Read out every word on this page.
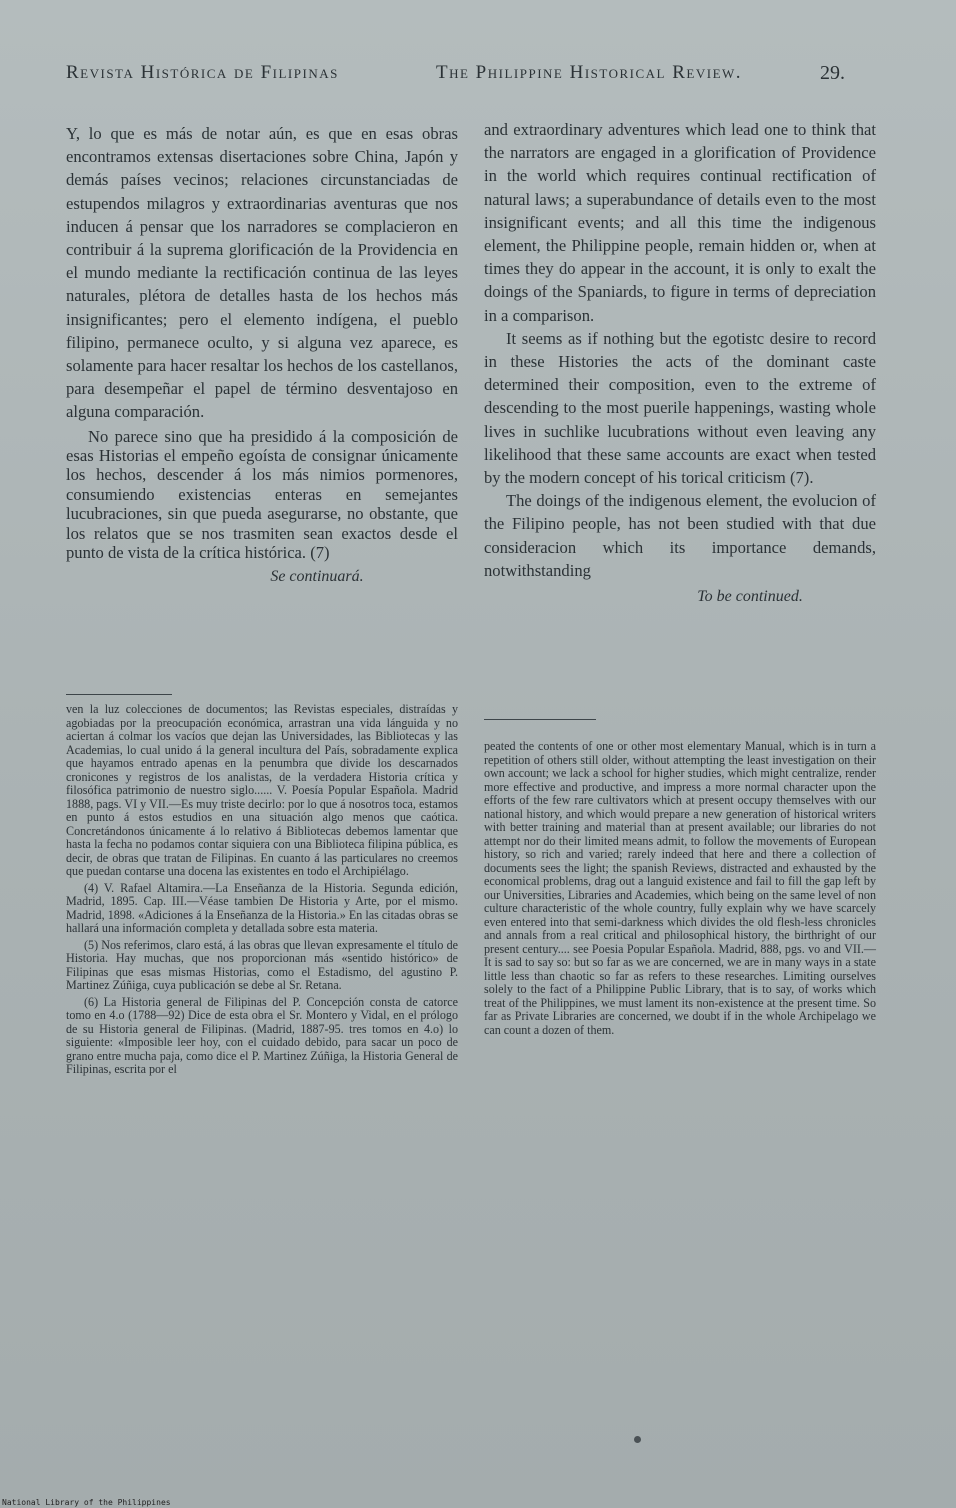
Revista Histórica de Filipinas	The Philippine Historical Review.	29.

Y, lo que es más de notar aún, es que en esas obras encontramos extensas disertaciones sobre China, Japón y demás países vecinos; relaciones circunstanciadas de estupendos milagros y extraordinarias aventuras que nos inducen á pensar que los narradores se complacieron en contribuir á la suprema glorificación de la Providencia en el mundo mediante la rectificación continua de las leyes naturales, plétora de detalles hasta de los hechos más insignificantes; pero el elemento indígena, el pueblo filipino, permanece oculto, y si alguna vez aparece, es solamente para hacer resaltar los hechos de los castellanos, para desempeñar el papel de término desventajoso en alguna comparación.

No parece sino que ha presidido á la composición de esas Historias el empeño egoísta de consignar únicamente los hechos, descender á los más nimios pormenores, consumiendo existencias enteras en semejantes lucubraciones, sin que pueda asegurarse, no obstante, que los relatos que se nos trasmiten sean exactos desde el punto de vista de la crítica histórica. (7)

Se continuará.

and extraordinary adventures which lead one to think that the narrators are engaged in a glorification of Providence in the world which requires continual rectification of natural laws; a superabundance of details even to the most insignificant events; and all this time the indigenous element, the Philippine people, remain hidden or, when at times they do appear in the account, it is only to exalt the doings of the Spaniards, to figure in terms of depreciation in a comparison.

It seems as if nothing but the egotistc desire to record in these Histories the acts of the dominant caste determined their composition, even to the extreme of descending to the most puerile happenings, wasting whole lives in suchlike lucubrations without even leaving any likelihood that these same accounts are exact when tested by the modern concept of his torical criticism (7).

The doings of the indigenous element, the evolucion of the Filipino people, has not been studied with that due consideracion which its importance demands, notwithstanding

To be continued.

ven la luz colecciones de documentos; las Revistas especiales, distraídas y agobiadas por la preocupación económica, arrastran una vida lánguida y no aciertan á colmar los vacíos que dejan las Universidades, las Bibliotecas y las Academias, lo cual unido á la general incultura del País, sobradamente explica que hayamos entrado apenas en la penumbra que divide los descarnados cronicones y registros de los analistas, de la verdadera Historia crítica y filosófica patrimonio de nuestro siglo...... V. Poesía Popular Española. Madrid 1888, pags. VI y VII.—Es muy triste decirlo: por lo que á nosotros toca, estamos en punto á estos estudios en una situación algo menos que caótica. Concretándonos únicamente á lo relativo á Bibliotecas debemos lamentar que hasta la fecha no podamos contar siquiera con una Biblioteca filipina pública, es decir, de obras que tratan de Filipinas. En cuanto á las particulares no creemos que puedan contarse una docena las existentes en todo el Archipiélago.

(4) V. Rafael Altamira.—La Enseñanza de la Historia. Segunda edición, Madrid, 1895. Cap. III.—Véase tambien De Historia y Arte, por el mismo. Madrid, 1898. «Adiciones á la Enseñanza de la Historia.» En las citadas obras se hallará una información completa y detallada sobre esta materia.

(5) Nos referimos, claro está, á las obras que llevan expresamente el título de Historia. Hay muchas, que nos proporcionan más «sentido histórico» de Filipinas que esas mismas Historias, como el Estadismo, del agustino P. Martinez Zúñiga, cuya publicación se debe al Sr. Retana.

(6) La Historia general de Filipinas del P. Concepción consta de catorce tomo en 4.o (1788—92) Dice de esta obra el Sr. Montero y Vidal, en el prólogo de su Historia general de Filipinas. (Madrid, 1887-95. tres tomos en 4.o) lo siguiente: «Imposible leer hoy, con el cuidado debido, para sacar un poco de grano entre mucha paja, como dice el P. Martinez Zúñiga, la Historia General de Filipinas, escrita por el

peated the contents of one or other most elementary Manual, which is in turn a repetition of others still older, without attempting the least investigation on their own account; we lack a school for higher studies, which might centralize, render more effective and productive, and impress a more normal character upon the efforts of the few rare cultivators which at present occupy themselves with our national history, and which would prepare a new generation of historical writers with better training and material than at present available; our libraries do not attempt nor do their limited means admit, to follow the movements of European history, so rich and varied; rarely indeed that here and there a collection of documents sees the light; the spanish Reviews, distracted and exhausted by the economical problems, drag out a languid existence and fail to fill the gap left by our Universities, Libraries and Academies, which being on the same level of non culture characteristic of the whole country, fully explain why we have scarcely even entered into that semi-darkness which divides the old flesh-less chronicles and annals from a real critical and philosophical history, the birthright of our present century.... see Poesia Popular Española. Madrid, 888, pgs. vo and VII.—It is sad to say so: but so far as we are concerned, we are in many ways in a state little less than chaotic so far as refers to these researches. Limiting ourselves solely to the fact of a Philippine Public Library, that is to say, of works which treat of the Philippines, we must lament its non-existence at the present time. So far as Private Libraries are concerned, we doubt if in the whole Archipelago we can count a dozen of them.

National Library of the Philippines
